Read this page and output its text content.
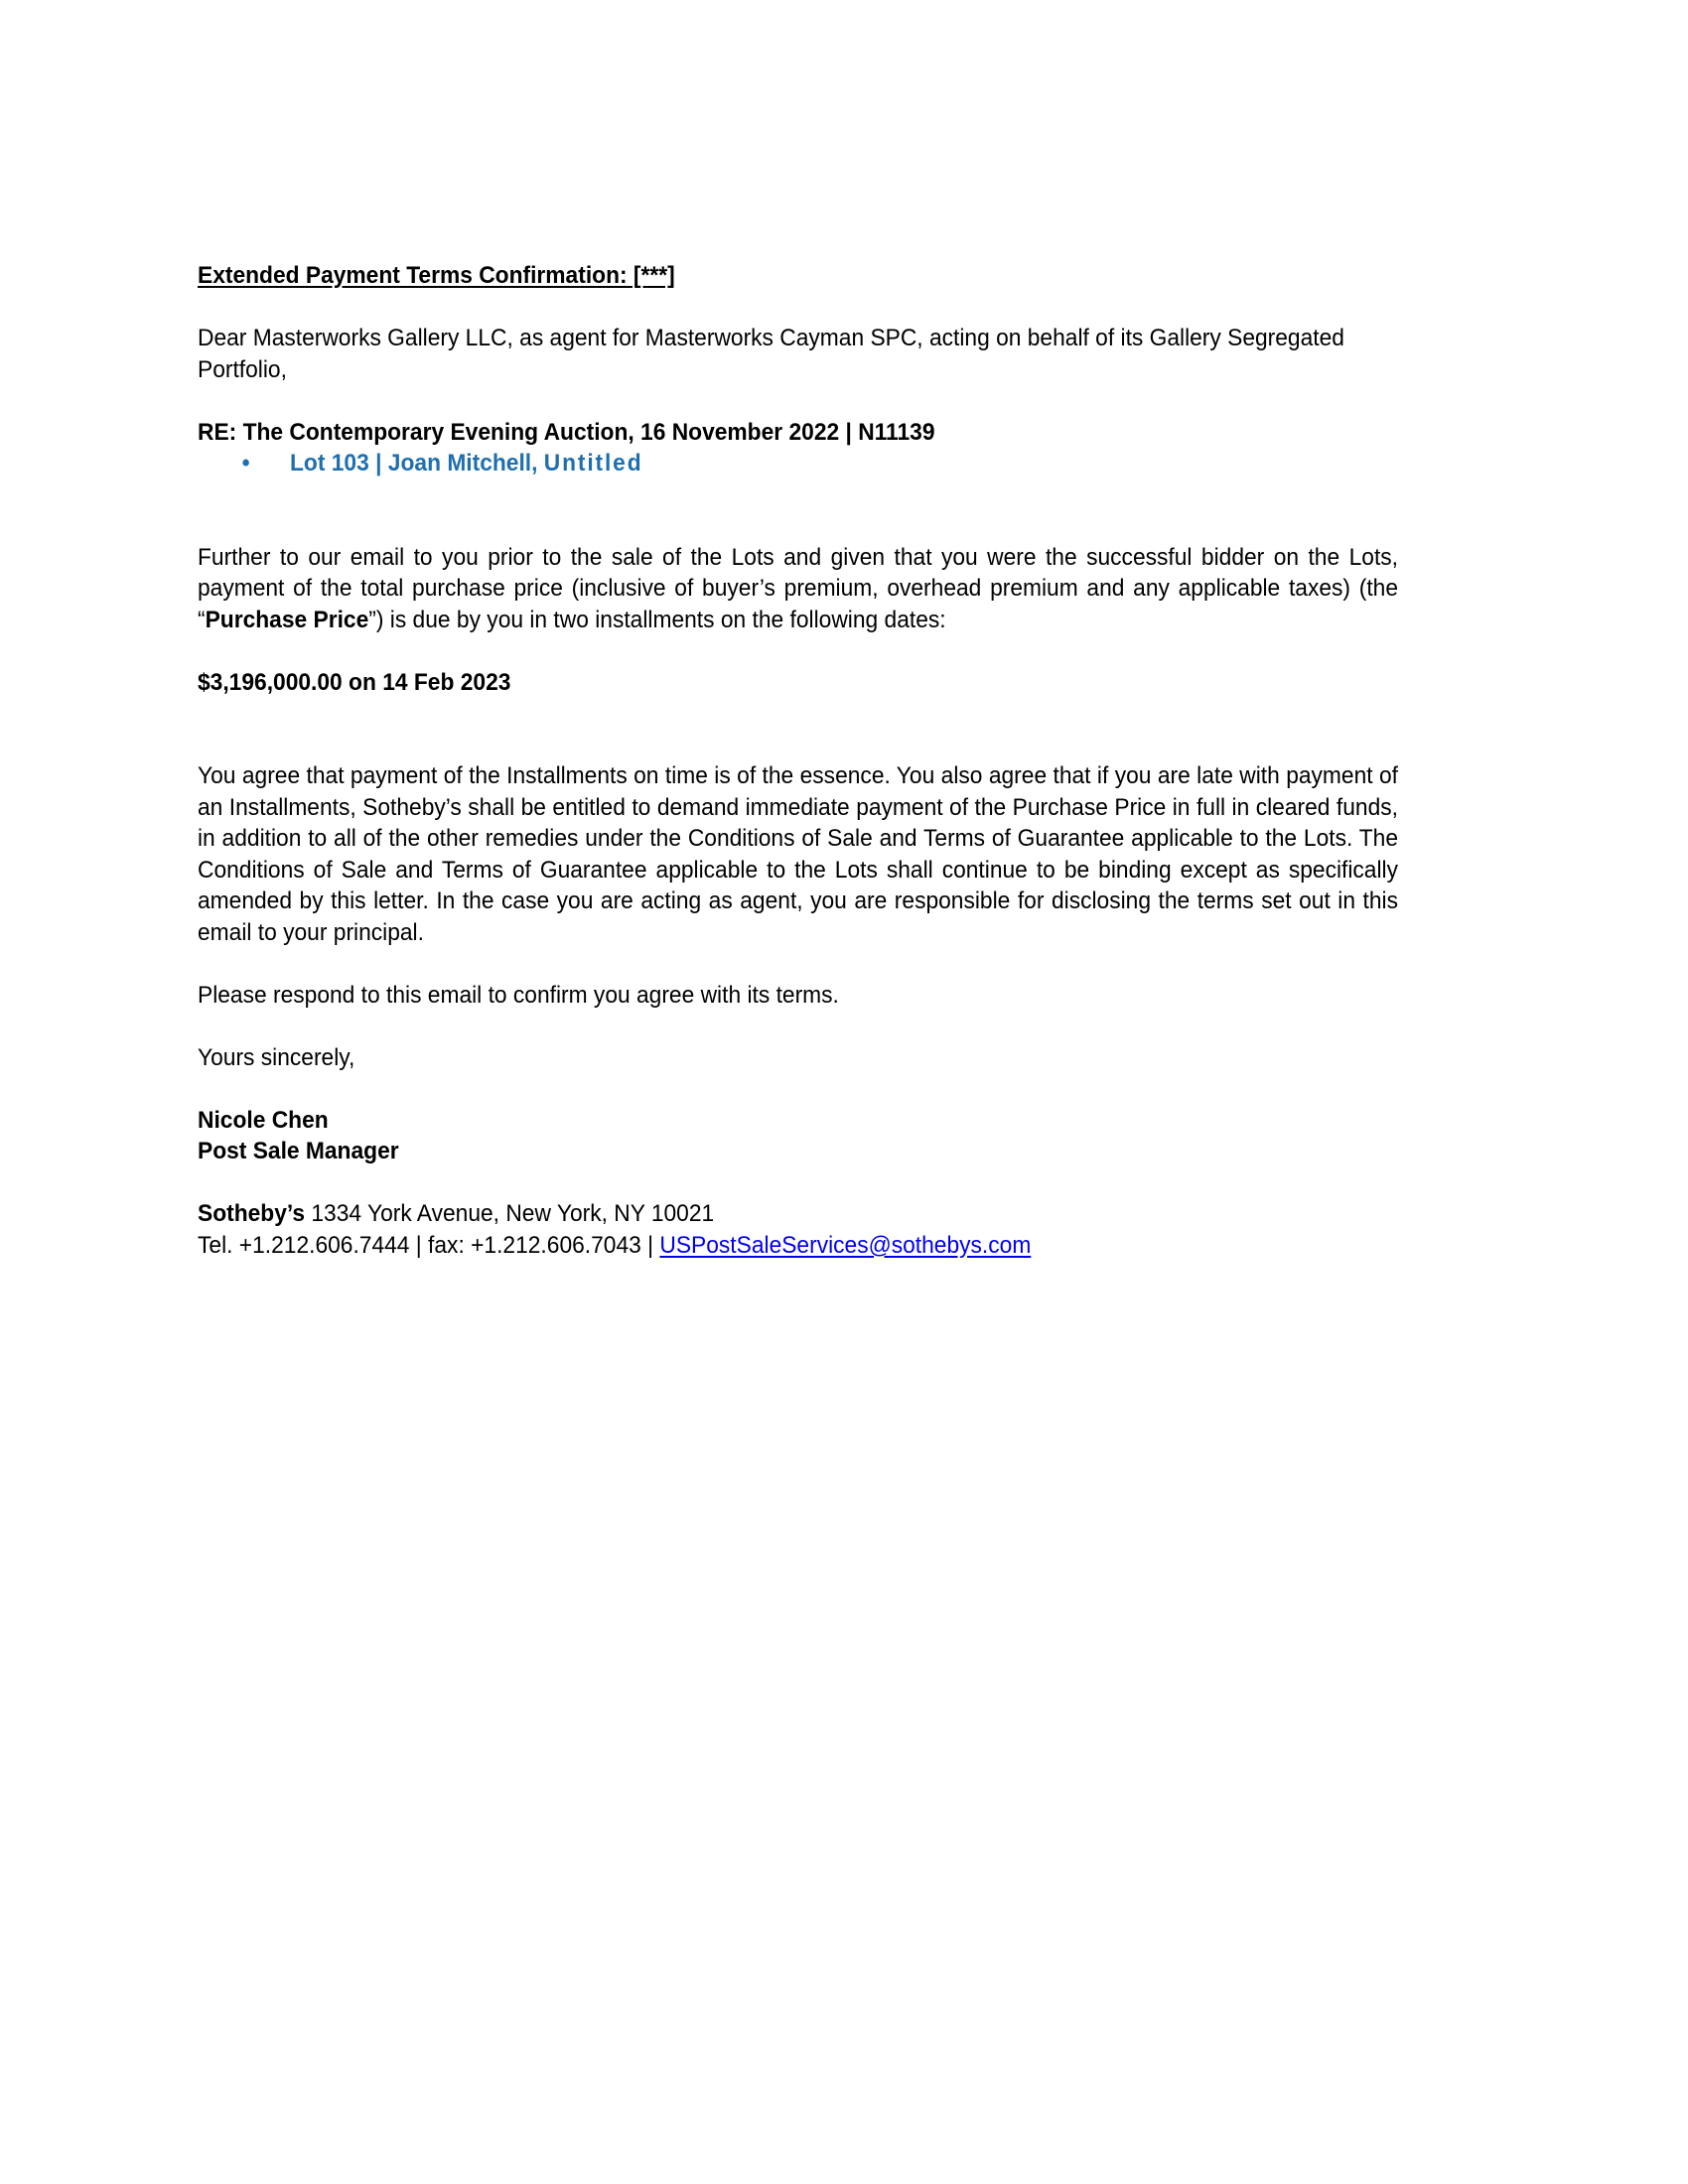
Extended Payment Terms Confirmation: [***]

Dear Masterworks Gallery LLC, as agent for Masterworks Cayman SPC, acting on behalf of its Gallery Segregated Portfolio,

RE: The Contemporary Evening Auction, 16 November 2022 | N11139

• Lot 103 | Joan Mitchell, Untitled

Further to our email to you prior to the sale of the Lots and given that you were the successful bidder on the Lots, payment of the total purchase price (inclusive of buyer’s premium, overhead premium and any applicable taxes) (the “Purchase Price”) is due by you in two installments on the following dates:

$3,196,000.00 on 14 Feb 2023

You agree that payment of the Installments on time is of the essence. You also agree that if you are late with payment of an Installments, Sotheby’s shall be entitled to demand immediate payment of the Purchase Price in full in cleared funds, in addition to all of the other remedies under the Conditions of Sale and Terms of Guarantee applicable to the Lots. The Conditions of Sale and Terms of Guarantee applicable to the Lots shall continue to be binding except as specifically amended by this letter. In the case you are acting as agent, you are responsible for disclosing the terms set out in this email to your principal.

Please respond to this email to confirm you agree with its terms.

Yours sincerely,

Nicole Chen

Post Sale Manager

Sotheby’s 1334 York Avenue, New York, NY 10021

Tel. +1.212.606.7444 | fax: +1.212.606.7043 | USPostSaleServices@sothebys.com
